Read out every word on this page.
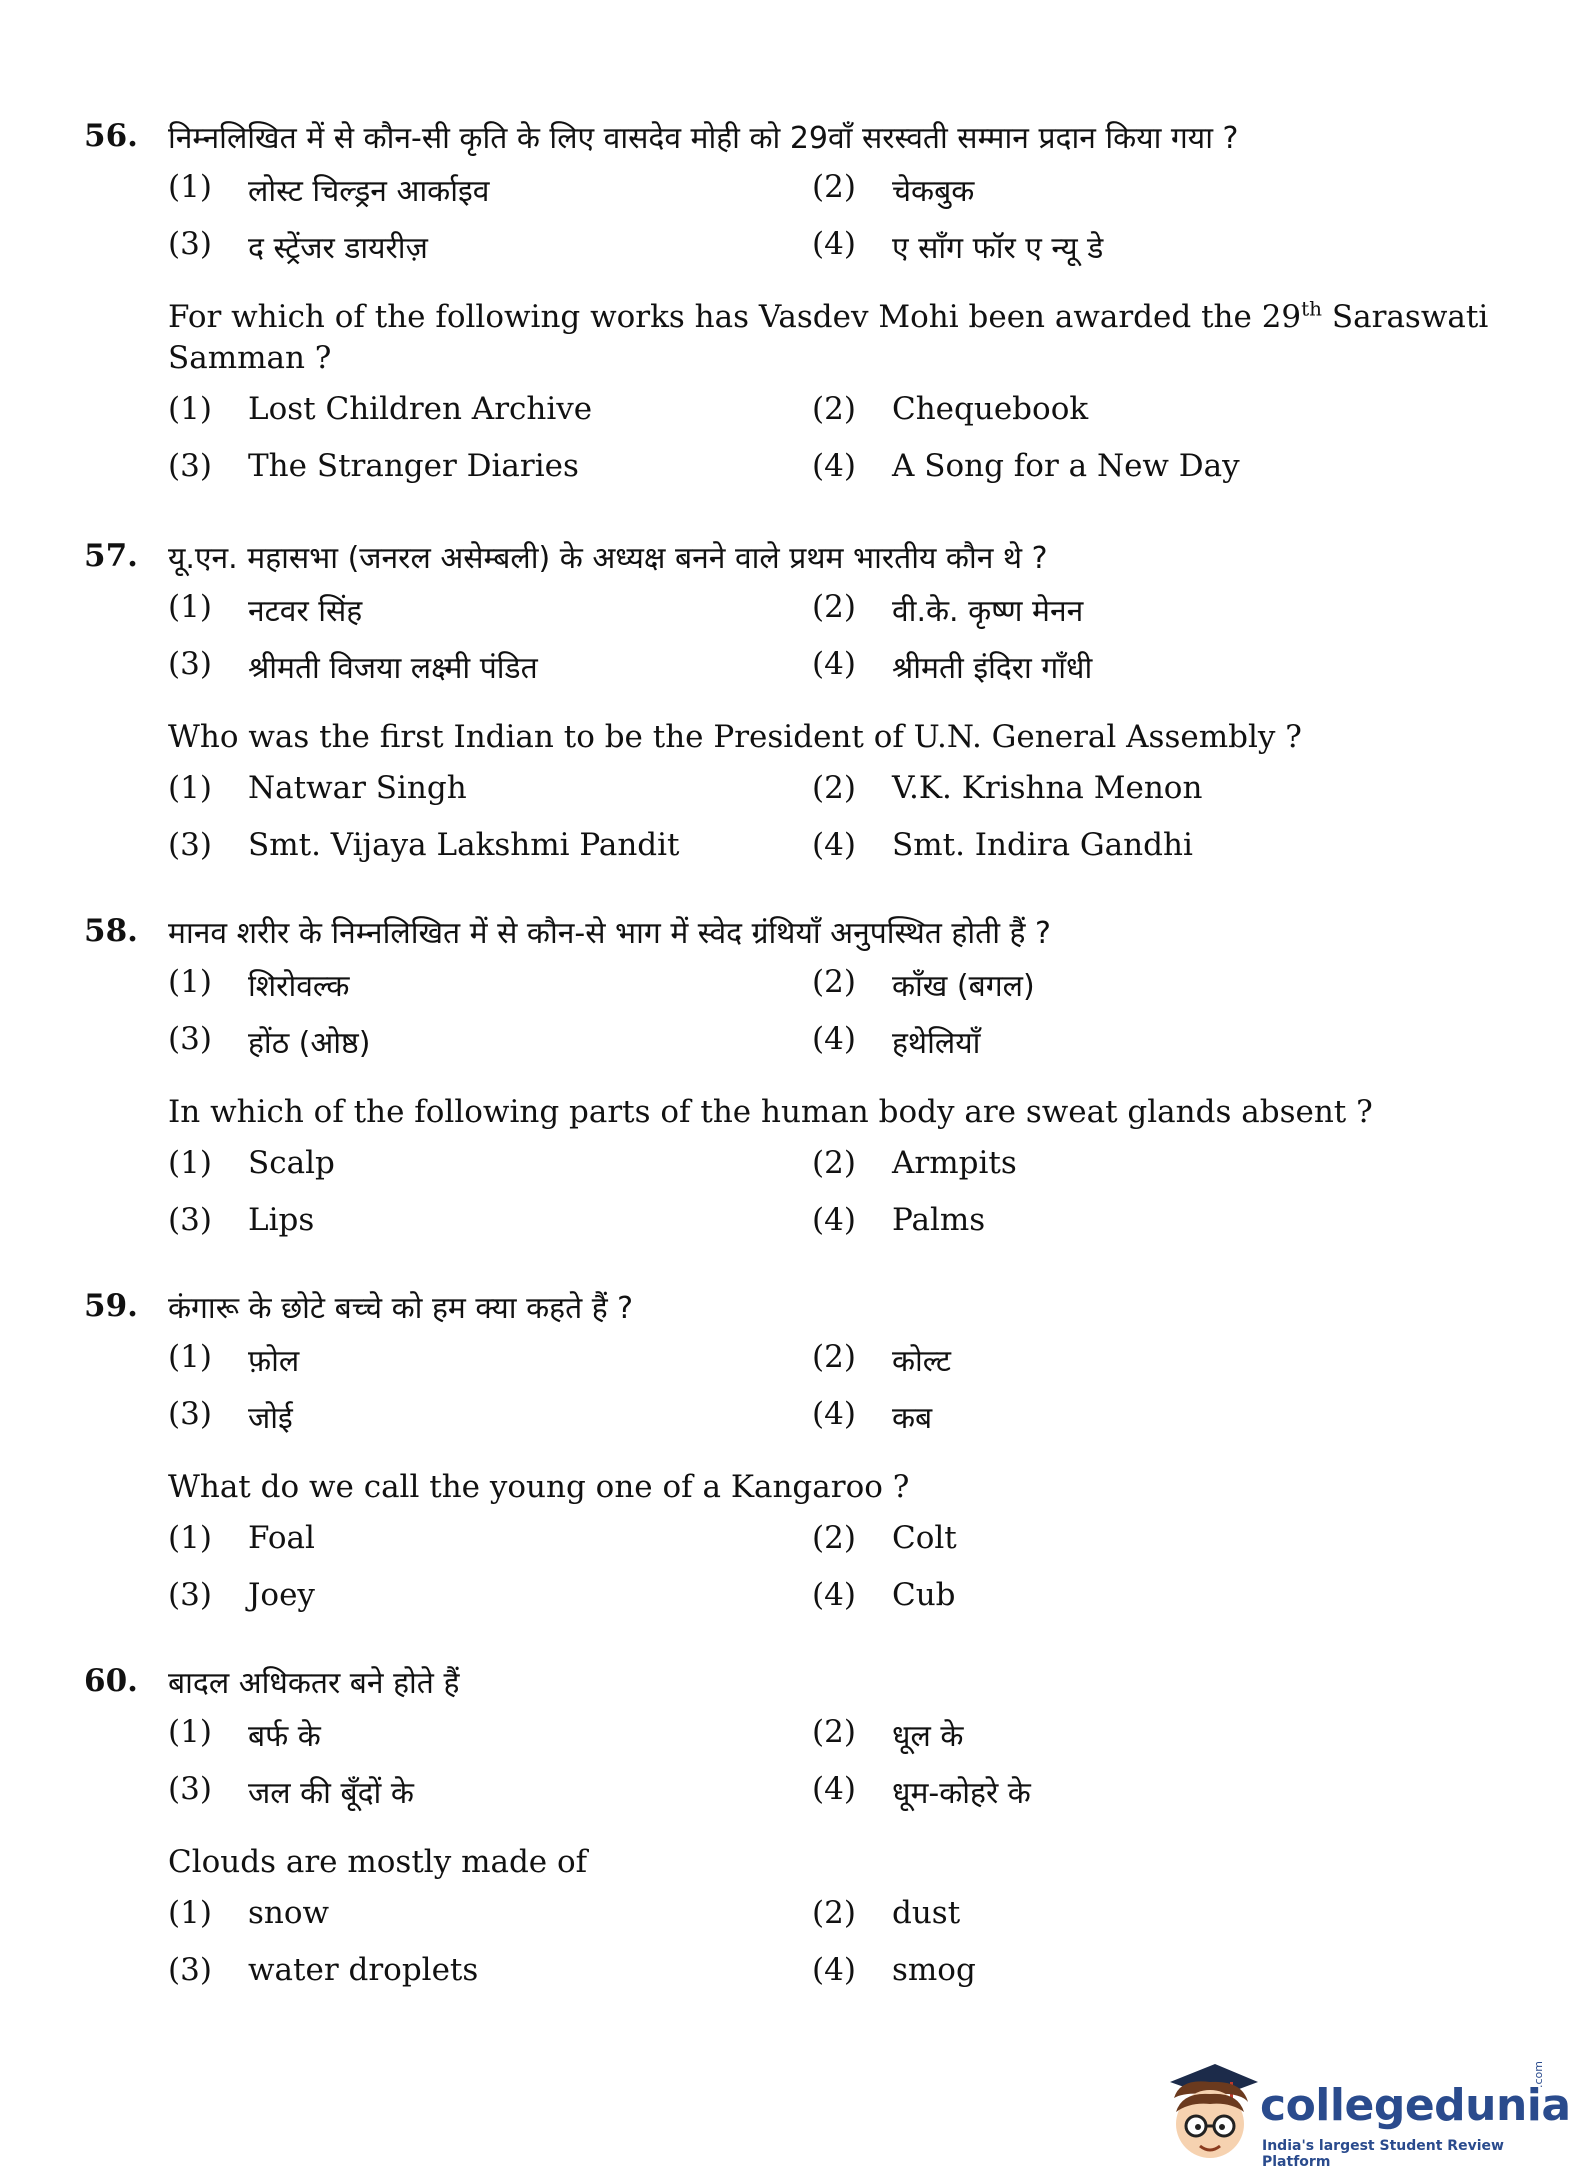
56. निम्नलिखित में से कौन-सी कृति के लिए वासदेव मोही को 29वाँ सरस्वती सम्मान प्रदान किया गया ?
(1)	लोस्ट चिल्ड्रन आर्काइव	(2)	चेकबुक
(3)	द स्ट्रेंजर डायरीज़	(4)	ए साँग फॉर ए न्यू डे
For which of the following works has Vasdev Mohi been awarded the 29th Saraswati Samman ?
(1)	Lost Children Archive	(2)	Chequebook
(3)	The Stranger Diaries	(4)	A Song for a New Day
57. यू.एन. महासभा (जनरल असेम्बली) के अध्यक्ष बनने वाले प्रथम भारतीय कौन थे ?
(1)	नटवर सिंह	(2)	वी.के. कृष्ण मेनन
(3)	श्रीमती विजया लक्ष्मी पंडित	(4)	श्रीमती इंदिरा गाँधी
Who was the first Indian to be the President of U.N. General Assembly ?
(1)	Natwar Singh	(2)	V.K. Krishna Menon
(3)	Smt. Vijaya Lakshmi Pandit	(4)	Smt. Indira Gandhi
58. मानव शरीर के निम्नलिखित में से कौन-से भाग में स्वेद ग्रंथियाँ अनुपस्थित होती हैं ?
(1)	शिरोवल्क	(2)	काँख (बगल)
(3)	होंठ (ओष्ठ)	(4)	हथेलियाँ
In which of the following parts of the human body are sweat glands absent ?
(1)	Scalp	(2)	Armpits
(3)	Lips	(4)	Palms
59. कंगारू के छोटे बच्चे को हम क्या कहते हैं ?
(1)	फ़ोल	(2)	कोल्ट
(3)	जोई	(4)	कब
What do we call the young one of a Kangaroo ?
(1)	Foal	(2)	Colt
(3)	Joey	(4)	Cub
60. बादल अधिकतर बने होते हैं
(1)	बर्फ के	(2)	धूल के
(3)	जल की बूँदों के	(4)	धूम-कोहरे के
Clouds are mostly made of
(1)	snow	(2)	dust
(3)	water droplets	(4)	smog
collegedunia
.com
India's largest Student Review Platform
